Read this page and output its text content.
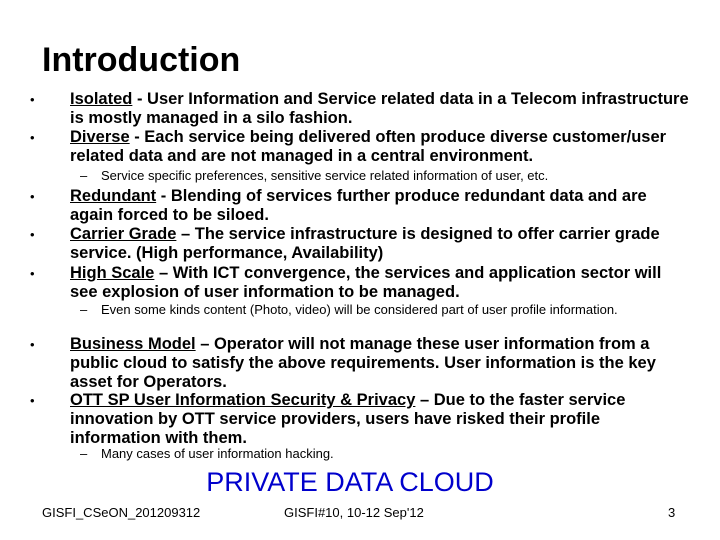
Introduction
• Isolated - User Information and Service related data in a Telecom infrastructure is mostly managed in a silo fashion.
• Diverse - Each service being delivered often produce diverse customer/user related data and are not managed in a central environment.
– Service specific preferences, sensitive service related information of user, etc.
• Redundant - Blending of services further produce redundant data and are again forced to be siloed.
• Carrier Grade – The service infrastructure is designed to offer carrier grade service. (High performance, Availability)
• High Scale – With ICT convergence, the services and application sector will see explosion of user information to be managed.
– Even some kinds content (Photo, video) will be considered part of user profile information.
• Business Model – Operator will not manage these user information from a public cloud to satisfy the above requirements. User information is the key asset for Operators.
• OTT SP User Information Security & Privacy – Due to the faster service innovation by OTT service providers, users have risked their profile information with them.
– Many cases of user information hacking.
PRIVATE DATA CLOUD
GISFI_CSeON_201209312	GISFI#10, 10-12 Sep'12	3
